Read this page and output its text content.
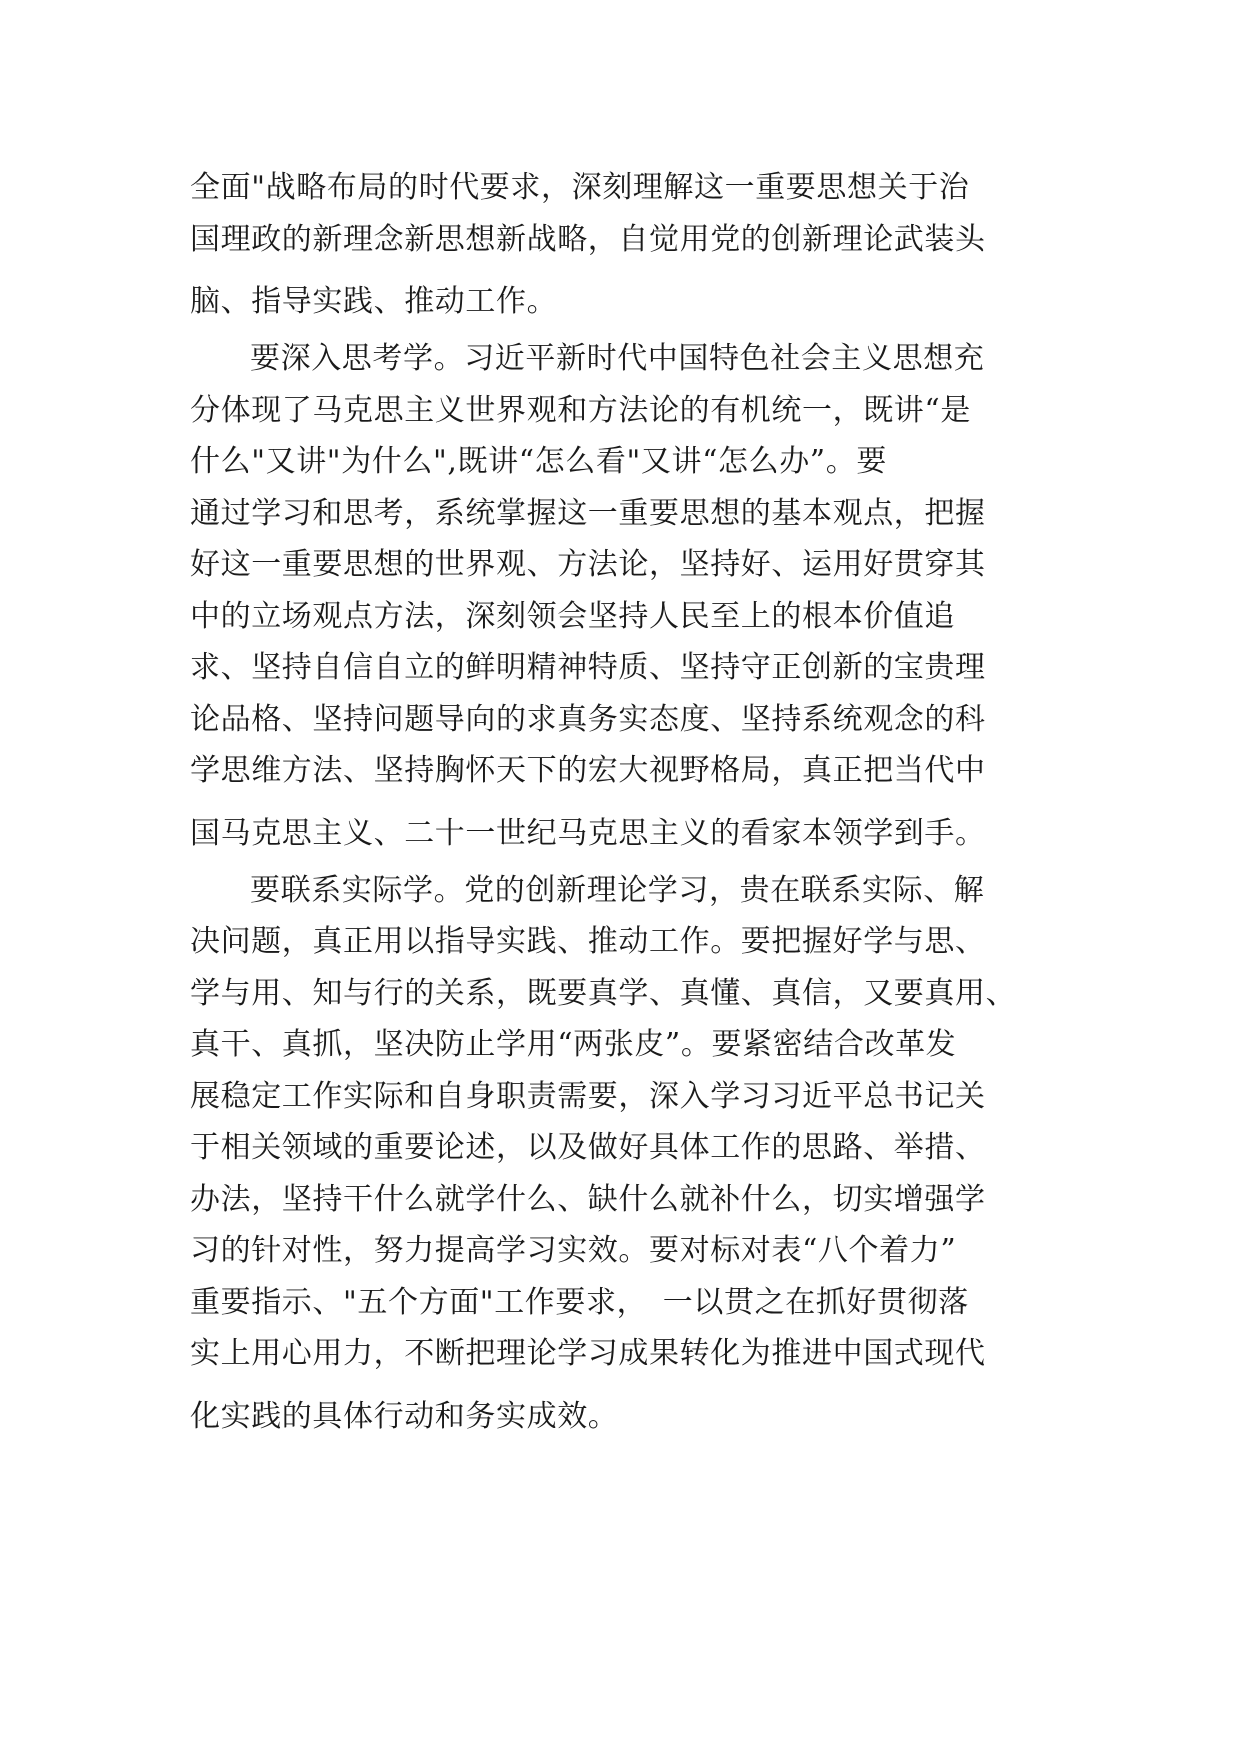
全面"战略布局的时代要求，深刻理解这一重要思想关于治
国理政的新理念新思想新战略，自觉用党的创新理论武装头
脑、指导实践、推动工作。
要深入思考学。习近平新时代中国特色社会主义思想充
分体现了马克思主义世界观和方法论的有机统一，既讲“是
什么"又讲"为什么",既讲“怎么看"又讲“怎么办”。要
通过学习和思考，系统掌握这一重要思想的基本观点，把握
好这一重要思想的世界观、方法论，坚持好、运用好贯穿其
中的立场观点方法，深刻领会坚持人民至上的根本价值追
求、坚持自信自立的鲜明精神特质、坚持守正创新的宝贵理
论品格、坚持问题导向的求真务实态度、坚持系统观念的科
学思维方法、坚持胸怀天下的宏大视野格局，真正把当代中
国马克思主义、二十一世纪马克思主义的看家本领学到手。
要联系实际学。党的创新理论学习，贵在联系实际、解
决问题，真正用以指导实践、推动工作。要把握好学与思、
学与用、知与行的关系，既要真学、真懂、真信，又要真用、
真干、真抓，坚决防止学用“两张皮”。要紧密结合改革发
展稳定工作实际和自身职责需要，深入学习习近平总书记关
于相关领域的重要论述，以及做好具体工作的思路、举措、
办法，坚持干什么就学什么、缺什么就补什么，切实增强学
习的针对性，努力提高学习实效。要对标对表“八个着力”
重要指示、"五个方面"工作要求，　一以贯之在抓好贯彻落
实上用心用力，不断把理论学习成果转化为推进中国式现代
化实践的具体行动和务实成效。
